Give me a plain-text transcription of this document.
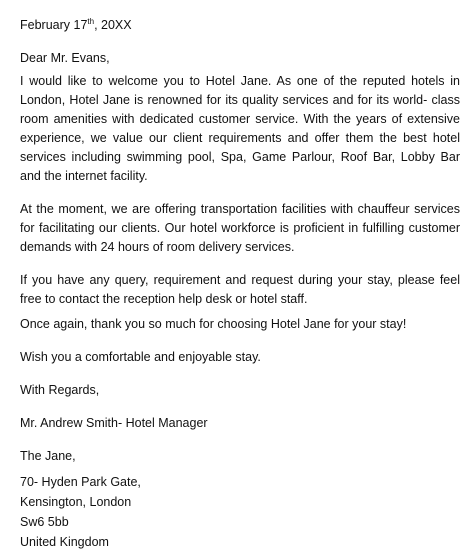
February 17th, 20XX
Dear Mr. Evans,

I would like to welcome you to Hotel Jane. As one of the reputed hotels in London, Hotel Jane is renowned for its quality services and for its world- class room amenities with dedicated customer service. With the years of extensive experience, we value our client requirements and offer them the best hotel services including swimming pool, Spa, Game Parlour, Roof Bar, Lobby Bar and the internet facility.

At the moment, we are offering transportation facilities with chauffeur services for facilitating our clients. Our hotel workforce is proficient in fulfilling customer demands with 24 hours of room delivery services.

If you have any query, requirement and request during your stay, please feel free to contact the reception help desk or hotel staff.

Once again, thank you so much for choosing Hotel Jane for your stay!

Wish you a comfortable and enjoyable stay.

With Regards,
Mr. Andrew Smith- Hotel Manager
The Jane,
70- Hyden Park Gate,
Kensington, London
Sw6 5bb
United Kingdom
